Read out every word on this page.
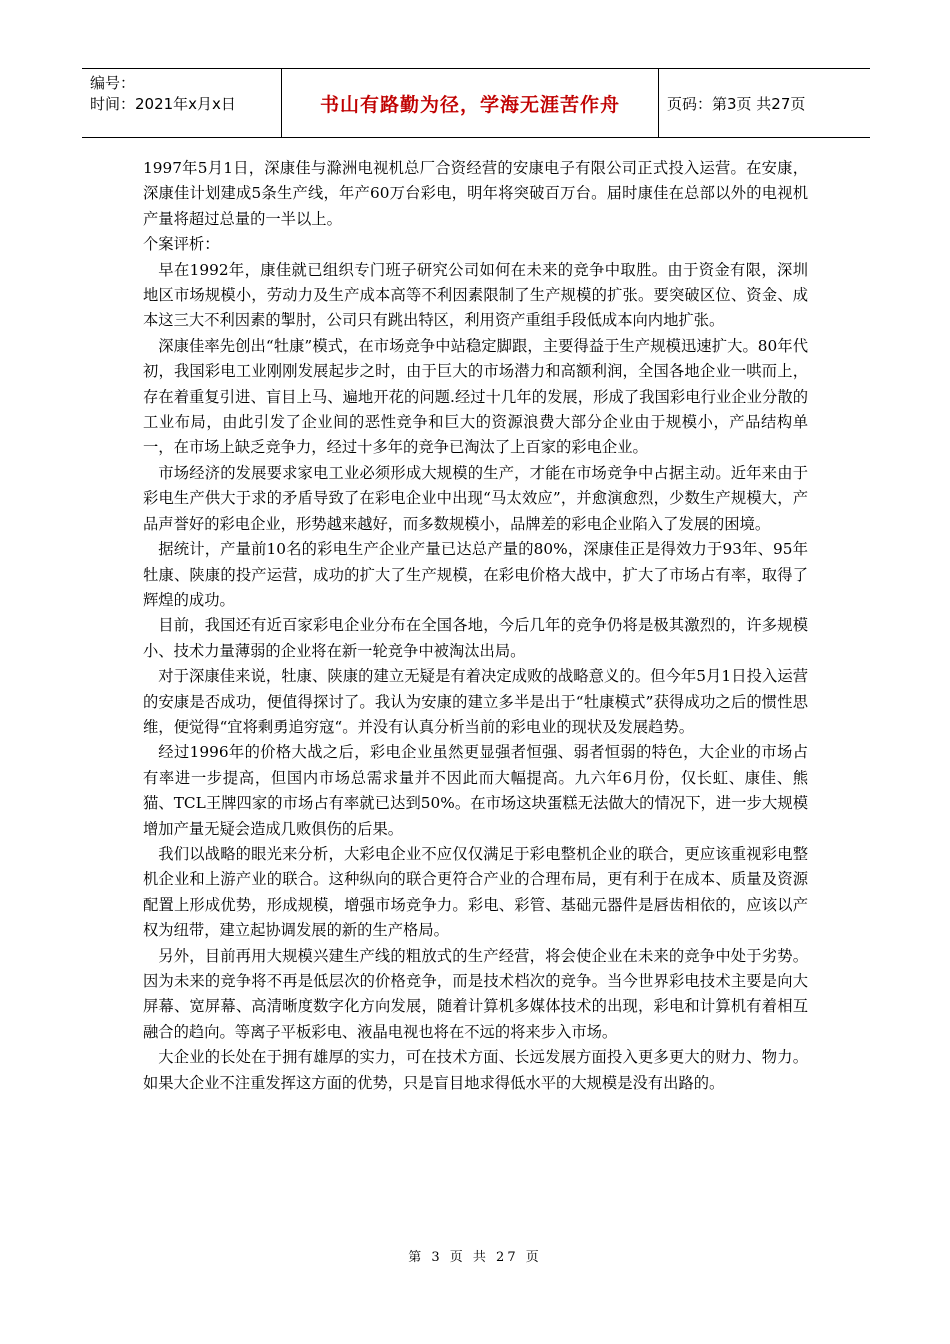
编号：
时间：2021年x月x日	书山有路勤为径，学海无涯苦作舟	页码：第3页 共27页

1997年5月1日，深康佳与滁洲电视机总厂合资经营的安康电子有限公司正式投入运营。在安康，深康佳计划建成5条生产线，年产60万台彩电，明年将突破百万台。届时康佳在总部以外的电视机产量将超过总量的一半以上。

个案评析：

早在1992年，康佳就已组织专门班子研究公司如何在未来的竞争中取胜。由于资金有限，深圳地区市场规模小，劳动力及生产成本高等不利因素限制了生产规模的扩张。要突破区位、资金、成本这三大不利因素的掣肘，公司只有跳出特区，利用资产重组手段低成本向内地扩张。

深康佳率先创出“牡康”模式，在市场竞争中站稳定脚跟，主要得益于生产规模迅速扩大。80年代初，我国彩电工业刚刚发展起步之时，由于巨大的市场潜力和高额利润，全国各地企业一哄而上，存在着重复引进、盲目上马、遍地开花的问题.经过十几年的发展，形成了我国彩电行业企业分散的工业布局，由此引发了企业间的恶性竞争和巨大的资源浪费大部分企业由于规模小，产品结构单一，在市场上缺乏竞争力，经过十多年的竞争已淘汰了上百家的彩电企业。

市场经济的发展要求家电工业必须形成大规模的生产，才能在市场竞争中占据主动。近年来由于彩电生产供大于求的矛盾导致了在彩电企业中出现“马太效应”，并愈演愈烈，少数生产规模大，产品声誉好的彩电企业，形势越来越好，而多数规模小，品牌差的彩电企业陷入了发展的困境。

据统计，产量前10名的彩电生产企业产量已达总产量的80%，深康佳正是得效力于93年、95年牡康、陕康的投产运营，成功的扩大了生产规模，在彩电价格大战中，扩大了市场占有率，取得了辉煌的成功。

目前，我国还有近百家彩电企业分布在全国各地，今后几年的竞争仍将是极其激烈的，许多规模小、技术力量薄弱的企业将在新一轮竞争中被淘汰出局。

对于深康佳来说，牡康、陕康的建立无疑是有着决定成败的战略意义的。但今年5月1日投入运营的安康是否成功，便值得探讨了。我认为安康的建立多半是出于“牡康模式”获得成功之后的惯性思维，便觉得“宜将剩勇追穷寇“。并没有认真分析当前的彩电业的现状及发展趋势。

经过1996年的价格大战之后，彩电企业虽然更显强者恒强、弱者恒弱的特色，大企业的市场占有率进一步提高，但国内市场总需求量并不因此而大幅提高。九六年6月份，仅长虹、康佳、熊猫、TCL王牌四家的市场占有率就已达到50%。在市场这块蛋糕无法做大的情况下，进一步大规模增加产量无疑会造成几败俱伤的后果。

我们以战略的眼光来分析，大彩电企业不应仅仅满足于彩电整机企业的联合，更应该重视彩电整机企业和上游产业的联合。这种纵向的联合更符合产业的合理布局，更有利于在成本、质量及资源配置上形成优势，形成规模，增强市场竞争力。彩电、彩管、基础元器件是唇齿相依的，应该以产权为纽带，建立起协调发展的新的生产格局。

另外，目前再用大规模兴建生产线的粗放式的生产经营，将会使企业在未来的竞争中处于劣势。因为未来的竞争将不再是低层次的价格竞争，而是技术档次的竞争。当今世界彩电技术主要是向大屏幕、宽屏幕、高清晰度数字化方向发展，随着计算机多媒体技术的出现，彩电和计算机有着相互融合的趋向。等离子平板彩电、液晶电视也将在不远的将来步入市场。

大企业的长处在于拥有雄厚的实力，可在技术方面、长远发展方面投入更多更大的财力、物力。如果大企业不注重发挥这方面的优势，只是盲目地求得低水平的大规模是没有出路的。

第 3 页 共 27 页
